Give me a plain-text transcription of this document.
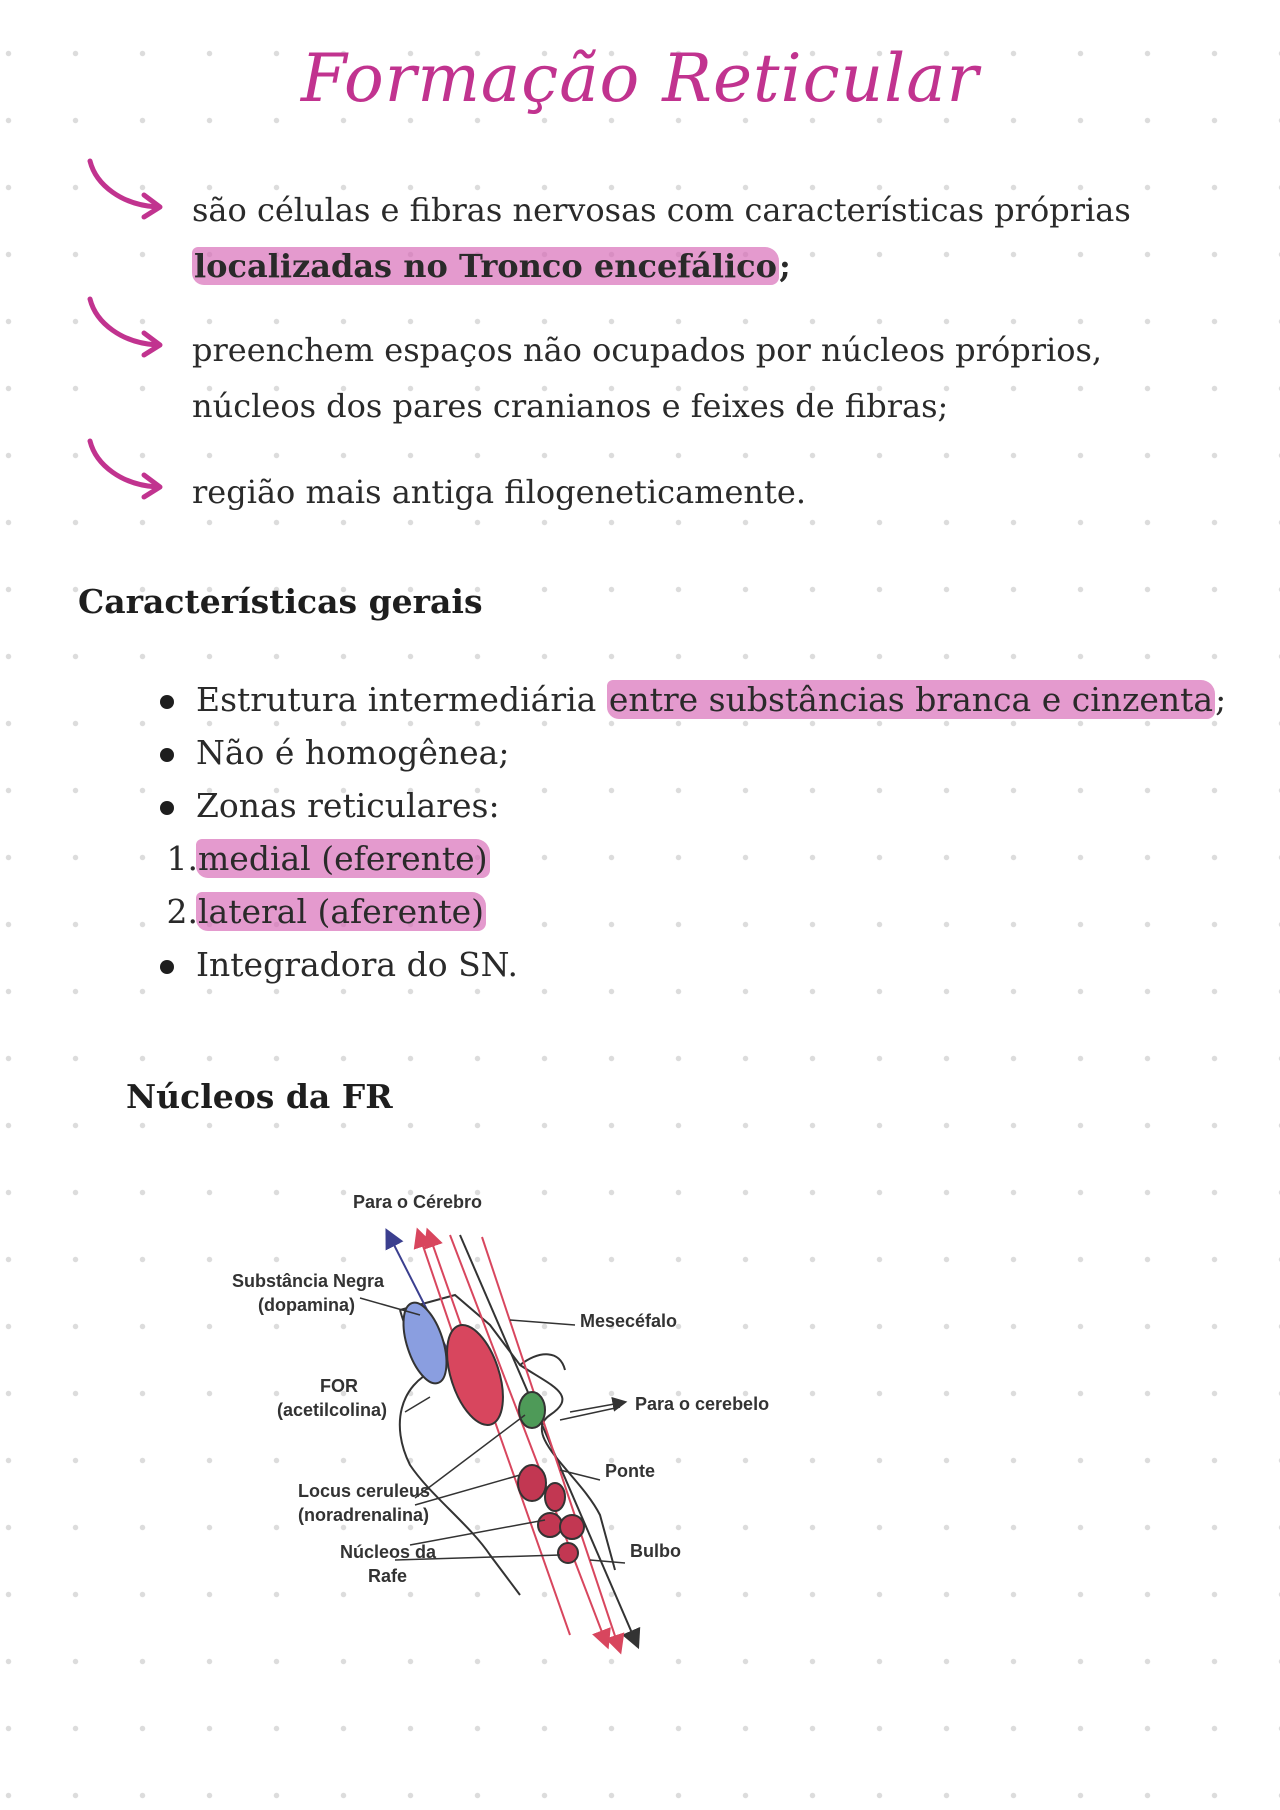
Formação Reticular
são células e fibras nervosas com características próprias
localizadas no Tronco encefálico;
preenchem espaços não ocupados por núcleos próprios,
núcleos dos pares cranianos e feixes de fibras;
região mais antiga filogeneticamente.
Características gerais
Estrutura intermediária entre substâncias branca e cinzenta;
Não é homogênea;
Zonas reticulares:
1. medial (eferente)
2. lateral (aferente)
Integradora do SN.
Núcleos da FR
Para o Cérebro
Substância Negra
(dopamina)
Mesecéfalo
FOR
(acetilcolina)	Para o cerebelo
Ponte
Locus ceruleus
(noradrenalina)
Bulbo
Núcleos da
Rafe
